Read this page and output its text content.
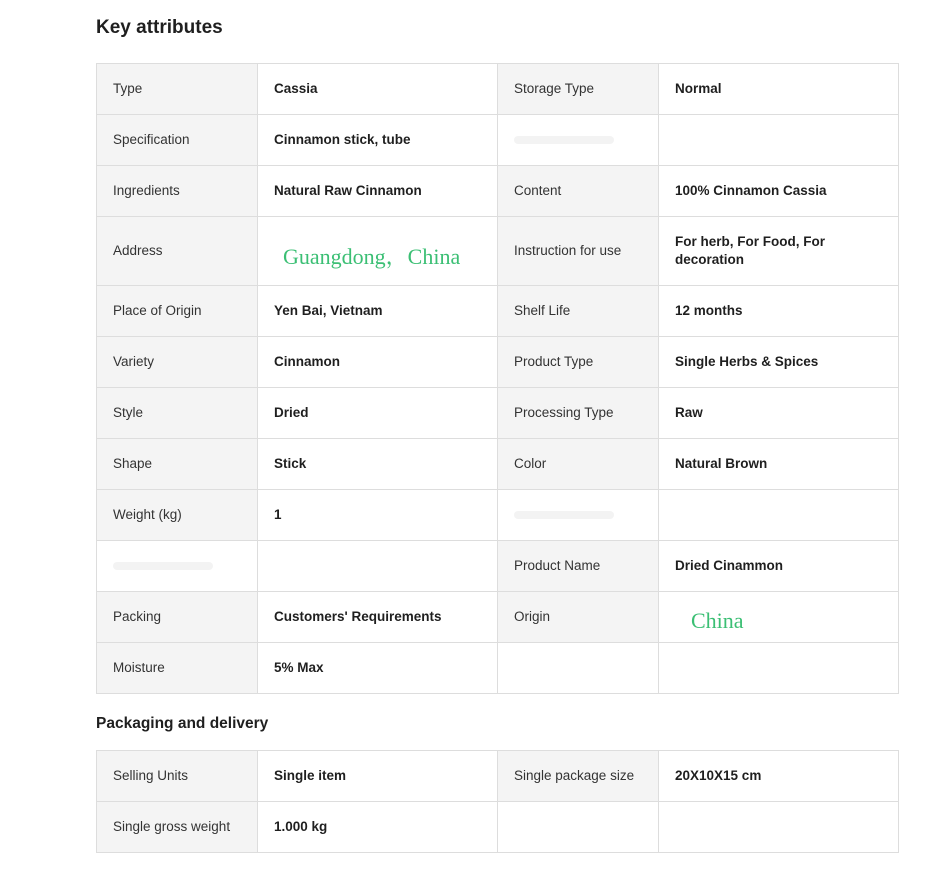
Key attributes
Type	Cassia	Storage Type	Normal
Specification	Cinnamon stick, tube		
Ingredients	Natural Raw Cinnamon	Content	100% Cinnamon Cassia
Address	Guangdong，China	Instruction for use	For herb, For Food, For decoration
Place of Origin	Yen Bai, Vietnam	Shelf Life	12 months
Variety	Cinnamon	Product Type	Single Herbs & Spices
Style	Dried	Processing Type	Raw
Shape	Stick	Color	Natural Brown
Weight (kg)	1		
		Product Name	Dried Cinammon
Packing	Customers' Requirements	Origin	China
Moisture	5% Max		
Packaging and delivery
Selling Units	Single item	Single package size	20X10X15 cm
Single gross weight	1.000 kg		
